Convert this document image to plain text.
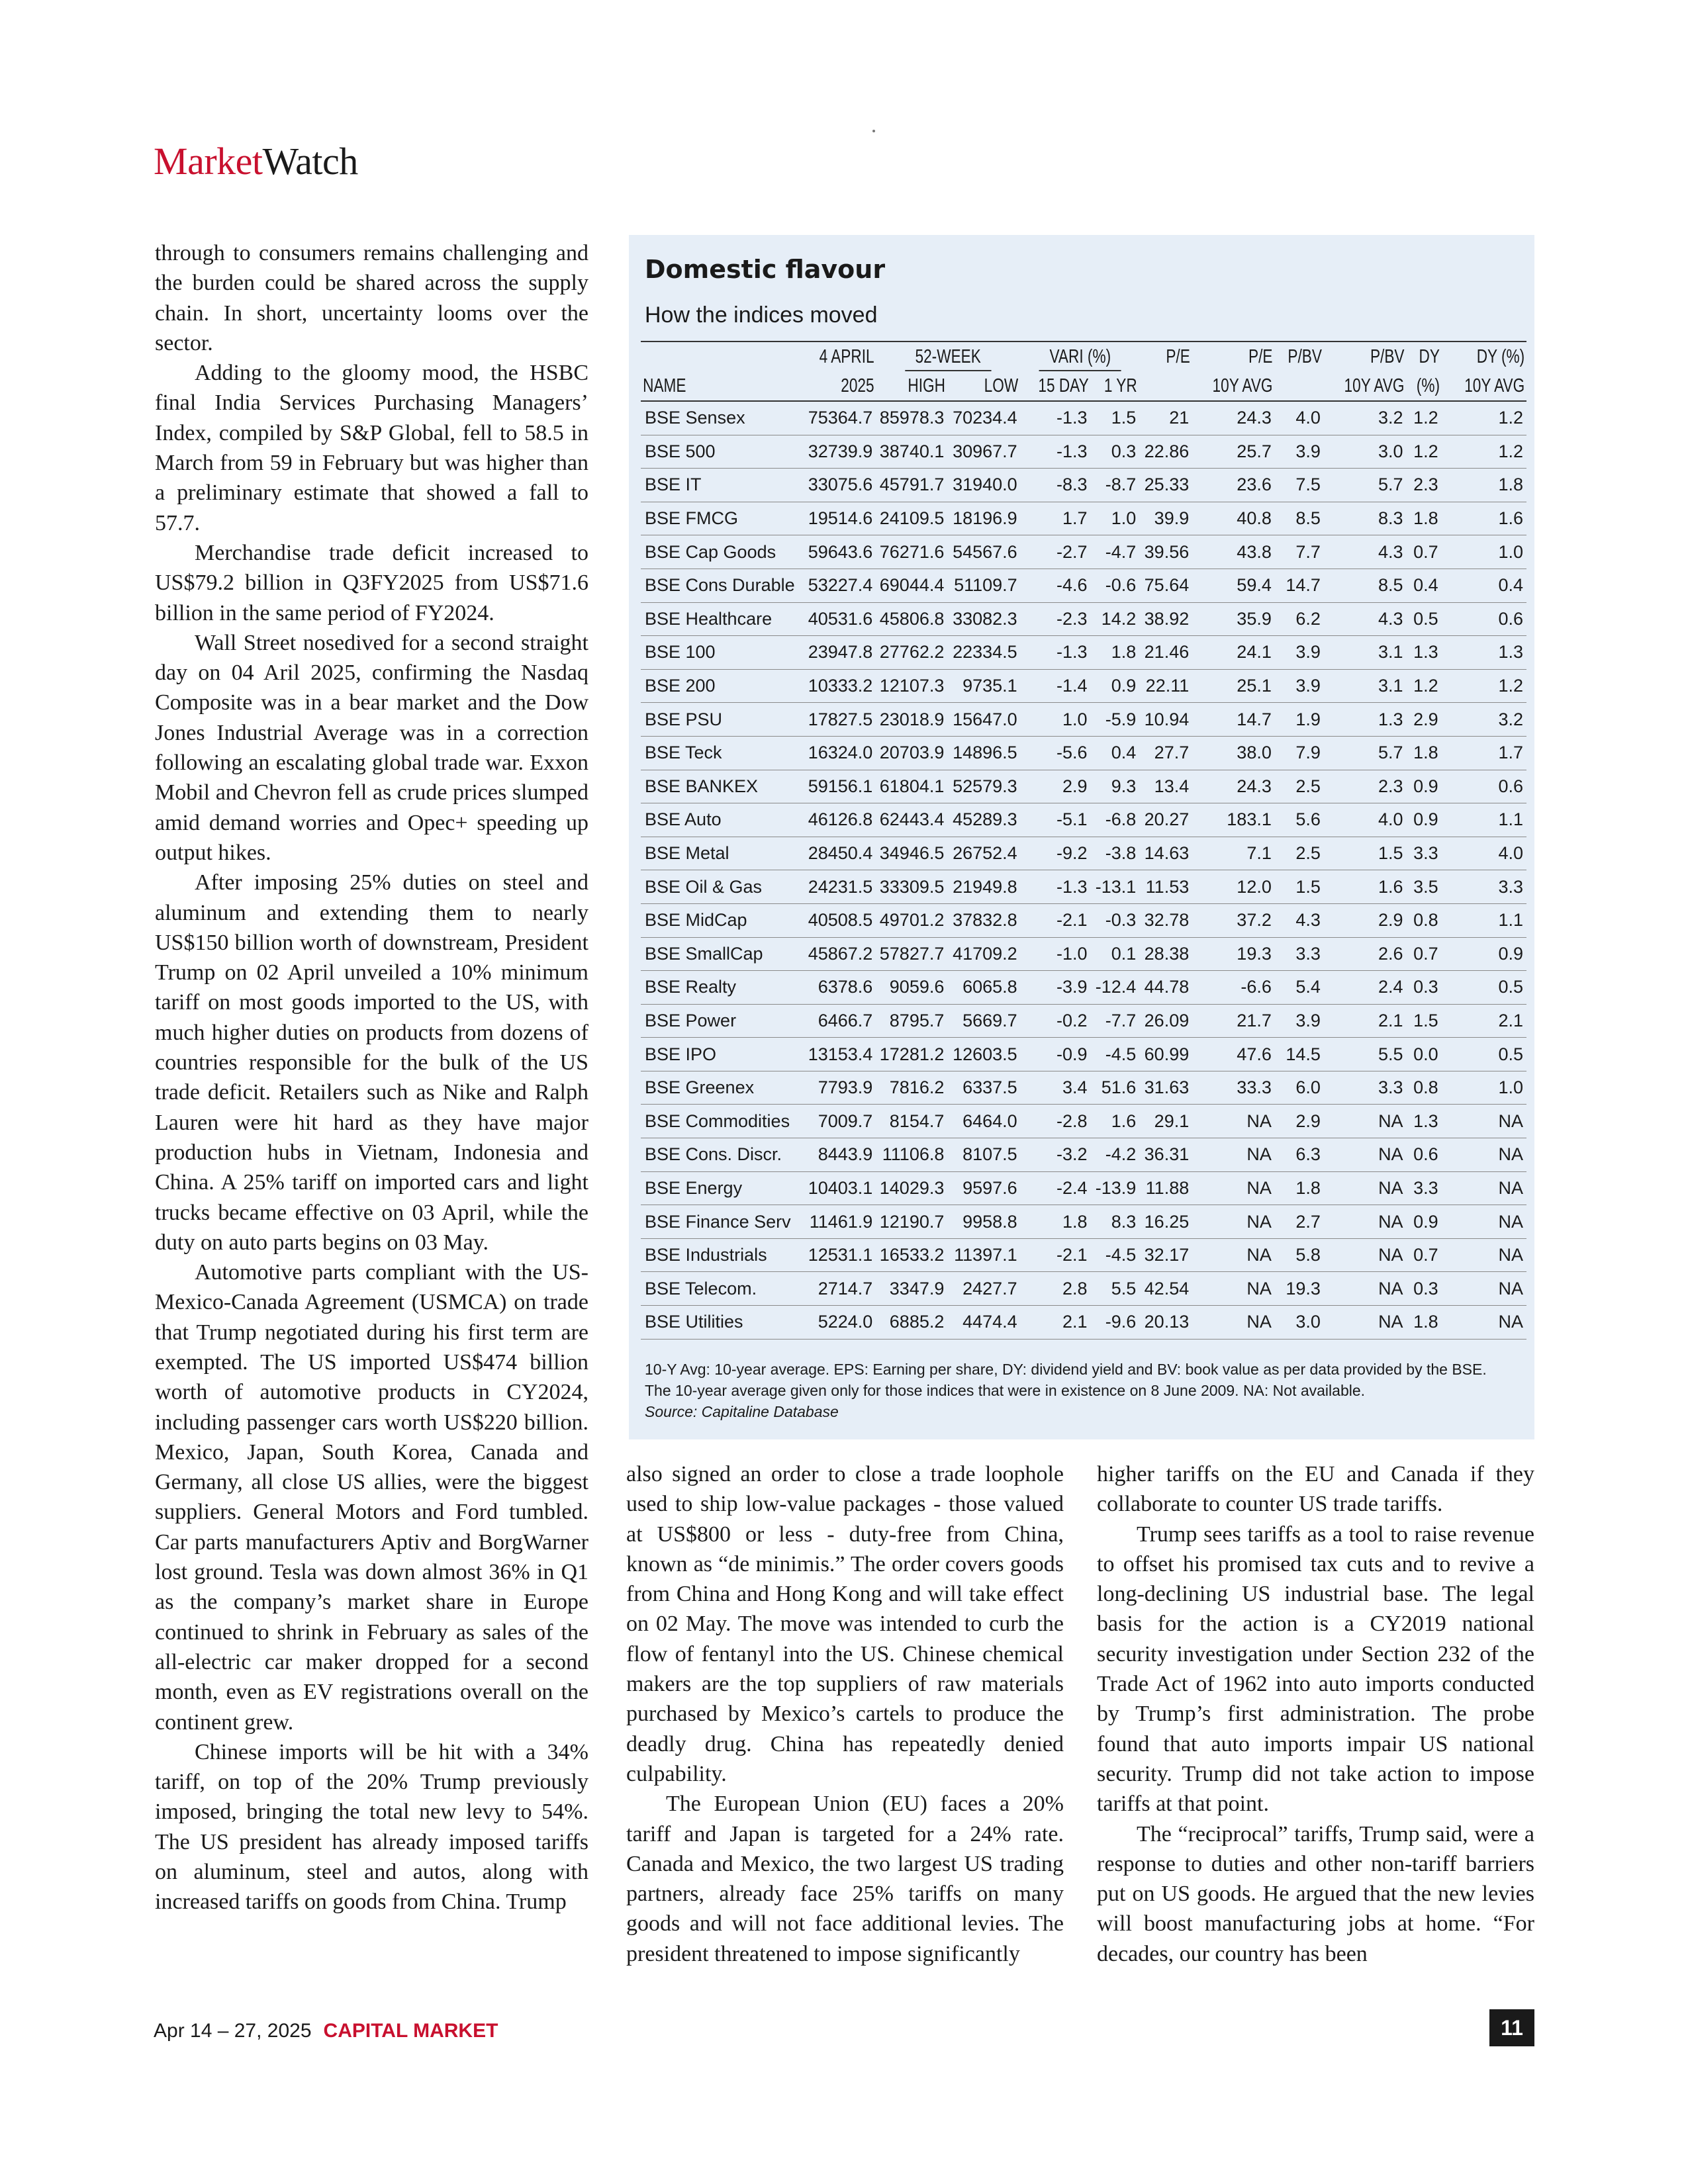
MarketWatch

through to consumers remains challenging and the burden could be shared across the supply chain. In short, uncertainty looms over the sector.

Adding to the gloomy mood, the HSBC final India Services Purchasing Managers’ Index, compiled by S&P Global, fell to 58.5 in March from 59 in February but was higher than a preliminary estimate that showed a fall to 57.7.

Merchandise trade deficit increased to US$79.2 billion in Q3FY2025 from US$71.6 billion in the same period of FY2024.

Wall Street nosedived for a second straight day on 04 Aril 2025, confirming the Nasdaq Composite was in a bear market and the Dow Jones Industrial Average was in a correction following an escalating global trade war. Exxon Mobil and Chevron fell as crude prices slumped amid demand worries and Opec+ speeding up output hikes.

After imposing 25% duties on steel and aluminum and extending them to nearly US$150 billion worth of downstream, President Trump on 02 April unveiled a 10% minimum tariff on most goods imported to the US, with much higher duties on products from dozens of countries responsible for the bulk of the US trade deficit. Retailers such as Nike and Ralph Lauren were hit hard as they have major production hubs in Vietnam, Indonesia and China. A 25% tariff on imported cars and light trucks became effective on 03 April, while the duty on auto parts begins on 03 May.

Automotive parts compliant with the US-Mexico-Canada Agreement (USMCA) on trade that Trump negotiated during his first term are exempted. The US imported US$474 billion worth of automotive products in CY2024, including passenger cars worth US$220 billion. Mexico, Japan, South Korea, Canada and Germany, all close US allies, were the biggest suppliers. General Motors and Ford tumbled. Car parts manufacturers Aptiv and BorgWarner lost ground. Tesla was down almost 36% in Q1 as the company’s market share in Europe continued to shrink in February as sales of the all-electric car maker dropped for a second month, even as EV registrations overall on the continent grew.

Chinese imports will be hit with a 34% tariff, on top of the 20% Trump previously imposed, bringing the total new levy to 54%. The US president has already imposed tariffs on aluminum, steel and autos, along with increased tariffs on goods from China. Trump

Domestic flavour
How the indices moved
	4 APRIL	52-WEEK		VARI (%)		P/E	P/E	P/BV	P/BV	DY	DY (%)
NAME	2025	HIGH	LOW	15 DAY	1 YR		10Y AVG		10Y AVG	(%)	10Y AVG
BSE Sensex	75364.7	85978.3	70234.4	-1.3	1.5	21	24.3	4.0	3.2	1.2	1.2
BSE 500	32739.9	38740.1	30967.7	-1.3	0.3	22.86	25.7	3.9	3.0	1.2	1.2
BSE IT	33075.6	45791.7	31940.0	-8.3	-8.7	25.33	23.6	7.5	5.7	2.3	1.8
BSE FMCG	19514.6	24109.5	18196.9	1.7	1.0	39.9	40.8	8.5	8.3	1.8	1.6
BSE Cap Goods	59643.6	76271.6	54567.6	-2.7	-4.7	39.56	43.8	7.7	4.3	0.7	1.0
BSE Cons Durable	53227.4	69044.4	51109.7	-4.6	-0.6	75.64	59.4	14.7	8.5	0.4	0.4
BSE Healthcare	40531.6	45806.8	33082.3	-2.3	14.2	38.92	35.9	6.2	4.3	0.5	0.6
BSE 100	23947.8	27762.2	22334.5	-1.3	1.8	21.46	24.1	3.9	3.1	1.3	1.3
BSE 200	10333.2	12107.3	9735.1	-1.4	0.9	22.11	25.1	3.9	3.1	1.2	1.2
BSE PSU	17827.5	23018.9	15647.0	1.0	-5.9	10.94	14.7	1.9	1.3	2.9	3.2
BSE Teck	16324.0	20703.9	14896.5	-5.6	0.4	27.7	38.0	7.9	5.7	1.8	1.7
BSE BANKEX	59156.1	61804.1	52579.3	2.9	9.3	13.4	24.3	2.5	2.3	0.9	0.6
BSE Auto	46126.8	62443.4	45289.3	-5.1	-6.8	20.27	183.1	5.6	4.0	0.9	1.1
BSE Metal	28450.4	34946.5	26752.4	-9.2	-3.8	14.63	7.1	2.5	1.5	3.3	4.0
BSE Oil & Gas	24231.5	33309.5	21949.8	-1.3	-13.1	11.53	12.0	1.5	1.6	3.5	3.3
BSE MidCap	40508.5	49701.2	37832.8	-2.1	-0.3	32.78	37.2	4.3	2.9	0.8	1.1
BSE SmallCap	45867.2	57827.7	41709.2	-1.0	0.1	28.38	19.3	3.3	2.6	0.7	0.9
BSE Realty	6378.6	9059.6	6065.8	-3.9	-12.4	44.78	-6.6	5.4	2.4	0.3	0.5
BSE Power	6466.7	8795.7	5669.7	-0.2	-7.7	26.09	21.7	3.9	2.1	1.5	2.1
BSE IPO	13153.4	17281.2	12603.5	-0.9	-4.5	60.99	47.6	14.5	5.5	0.0	0.5
BSE Greenex	7793.9	7816.2	6337.5	3.4	51.6	31.63	33.3	6.0	3.3	0.8	1.0
BSE Commodities	7009.7	8154.7	6464.0	-2.8	1.6	29.1	NA	2.9	NA	1.3	NA
BSE Cons. Discr.	8443.9	11106.8	8107.5	-3.2	-4.2	36.31	NA	6.3	NA	0.6	NA
BSE Energy	10403.1	14029.3	9597.6	-2.4	-13.9	11.88	NA	1.8	NA	3.3	NA
BSE Finance Serv	11461.9	12190.7	9958.8	1.8	8.3	16.25	NA	2.7	NA	0.9	NA
BSE Industrials	12531.1	16533.2	11397.1	-2.1	-4.5	32.17	NA	5.8	NA	0.7	NA
BSE Telecom.	2714.7	3347.9	2427.7	2.8	5.5	42.54	NA	19.3	NA	0.3	NA
BSE Utilities	5224.0	6885.2	4474.4	2.1	-9.6	20.13	NA	3.0	NA	1.8	NA
10-Y Avg: 10-year average. EPS: Earning per share, DY: dividend yield and BV: book value as per data provided by the BSE.
The 10-year average given only for those indices that were in existence on 8 June 2009. NA: Not available.
Source: Capitaline Database

also signed an order to close a trade loophole used to ship low-value packages - those valued at US$800 or less - duty-free from China, known as “de minimis.” The order covers goods from China and Hong Kong and will take effect on 02 May. The move was intended to curb the flow of fentanyl into the US. Chinese chemical makers are the top suppliers of raw materials purchased by Mexico’s cartels to produce the deadly drug. China has repeatedly denied culpability.

The European Union (EU) faces a 20% tariff and Japan is targeted for a 24% rate. Canada and Mexico, the two largest US trading partners, already face 25% tariffs on many goods and will not face additional levies. The president threatened to impose significantly

higher tariffs on the EU and Canada if they collaborate to counter US trade tariffs.

Trump sees tariffs as a tool to raise revenue to offset his promised tax cuts and to revive a long-declining US industrial base. The legal basis for the action is a CY2019 national security investigation under Section 232 of the Trade Act of 1962 into auto imports conducted by Trump’s first administration. The probe found that auto imports impair US national security. Trump did not take action to impose tariffs at that point.

The “reciprocal” tariffs, Trump said, were a response to duties and other non-tariff barriers put on US goods. He argued that the new levies will boost manufacturing jobs at home. “For decades, our country has been

Apr 14 – 27, 2025 CAPITAL MARKET	11
